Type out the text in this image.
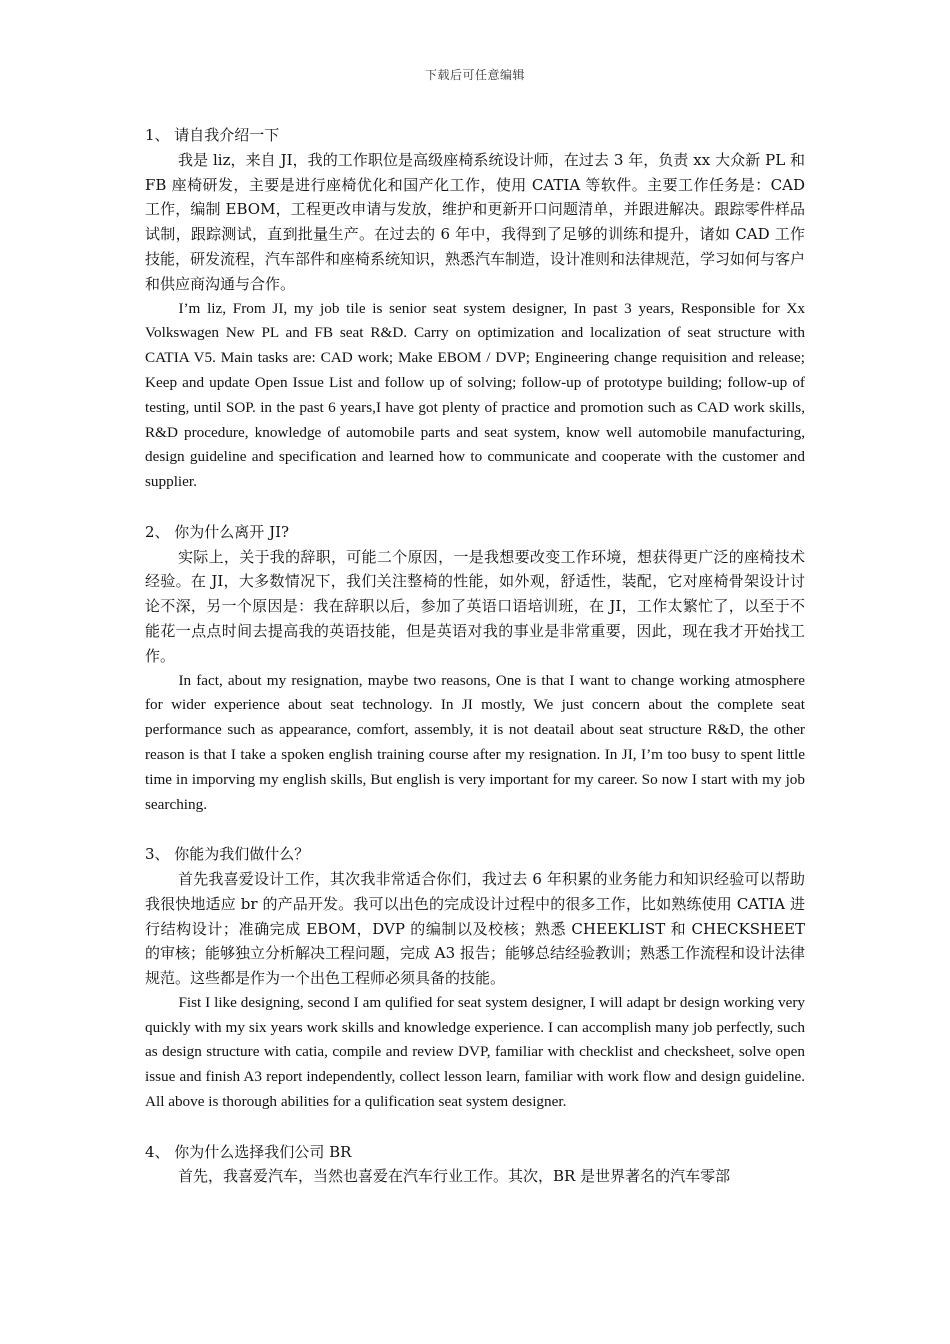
下载后可任意编辑

1、 请自我介绍一下

我是 liz，来自 JI，我的工作职位是高级座椅系统设计师，在过去 3 年，负责 xx 大众新 PL 和 FB 座椅研发，主要是进行座椅优化和国产化工作，使用 CATIA 等软件。主要工作任务是：CAD 工作，编制 EBOM，工程更改申请与发放，维护和更新开口问题清单，并跟进解决。跟踪零件样品试制，跟踪测试，直到批量生产。在过去的 6 年中，我得到了足够的训练和提升，诸如 CAD 工作技能，研发流程，汽车部件和座椅系统知识，熟悉汽车制造，设计准则和法律规范，学习如何与客户和供应商沟通与合作。

I’m liz, From JI, my job tile is senior seat system designer, In past 3 years, Responsible for Xx Volkswagen New PL and FB seat R&D. Carry on optimization and localization of seat structure with CATIA V5. Main tasks are: CAD work; Make EBOM / DVP; Engineering change requisition and release; Keep and update Open Issue List and follow up of solving; follow-up of prototype building; follow-up of testing, until SOP. in the past 6 years,I have got plenty of practice and promotion such as CAD work skills, R&D procedure, knowledge of automobile parts and seat system, know well automobile manufacturing, design guideline and specification and learned how to communicate and cooperate with the customer and supplier.

2、 你为什么离开 JI?

实际上，关于我的辞职，可能二个原因，一是我想要改变工作环境，想获得更广泛的座椅技术经验。在 JI，大多数情况下，我们关注整椅的性能，如外观，舒适性，装配，它对座椅骨架设计讨论不深，另一个原因是：我在辞职以后，参加了英语口语培训班，在 JI，工作太繁忙了，以至于不能花一点点时间去提高我的英语技能，但是英语对我的事业是非常重要，因此，现在我才开始找工作。

In fact, about my resignation, maybe two reasons, One is that I want to change working atmosphere for wider experience about seat technology. In JI mostly, We just concern about the complete seat performance such as appearance, comfort, assembly, it is not deatail about seat structure R&D, the other reason is that I take a spoken english training course after my resignation. In JI, I’m too busy to spent little time in imporving my english skills, But english is very important for my career. So now I start with my job searching.

3、 你能为我们做什么？

首先我喜爱设计工作，其次我非常适合你们，我过去 6 年积累的业务能力和知识经验可以帮助我很快地适应 br 的产品开发。我可以出色的完成设计过程中的很多工作，比如熟练使用 CATIA 进行结构设计；准确完成 EBOM，DVP 的编制以及校核；熟悉 CHEEKLIST 和 CHECKSHEET 的审核；能够独立分析解决工程问题，完成 A3 报告；能够总结经验教训；熟悉工作流程和设计法律规范。这些都是作为一个出色工程师必须具备的技能。

Fist I like designing, second I am qulified for seat system designer, I will adapt br design working very quickly with my six years work skills and knowledge experience. I can accomplish many job perfectly, such as design structure with catia, compile and review DVP, familiar with checklist and checksheet, solve open issue and finish A3 report independently, collect lesson learn, familiar with work flow and design guideline. All above is thorough abilities for a qulification seat system designer.

4、 你为什么选择我们公司 BR

首先，我喜爱汽车，当然也喜爱在汽车行业工作。其次，BR 是世界著名的汽车零部
